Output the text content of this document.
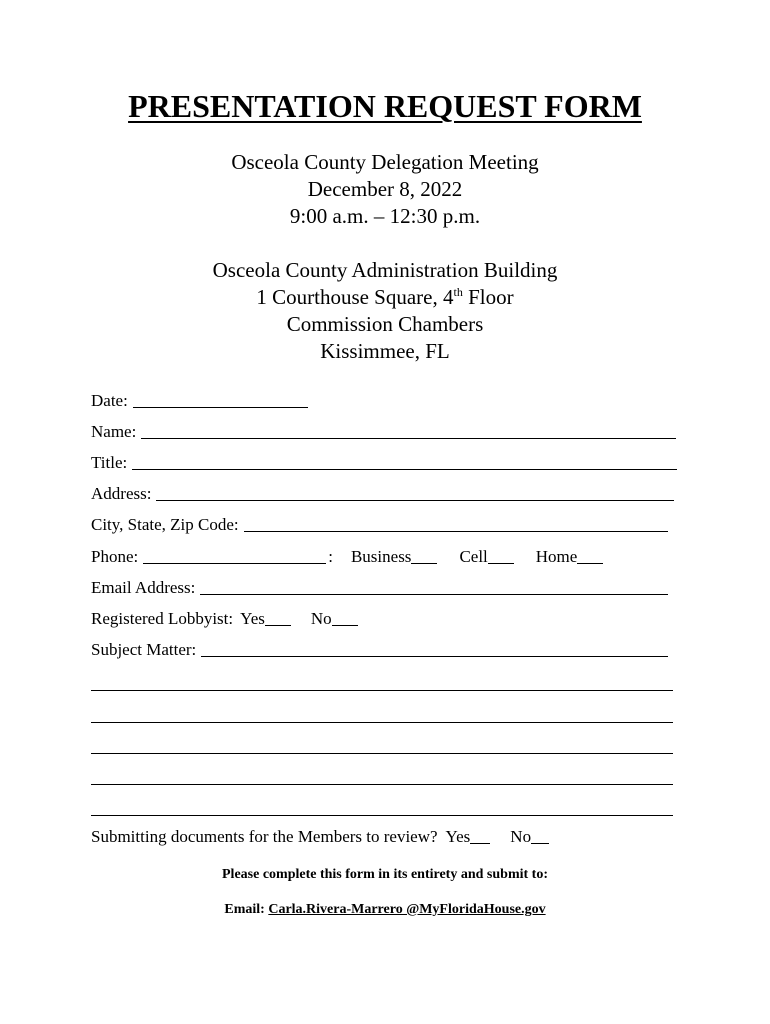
PRESENTATION REQUEST FORM
Osceola County Delegation Meeting
December 8, 2022
9:00 a.m. – 12:30 p.m.
Osceola County Administration Building
1 Courthouse Square, 4th Floor
Commission Chambers
Kissimmee, FL
Date:
Name:
Title:
Address:
City, State, Zip Code:
Phone:	: Business	Cell	Home
Email Address:
Registered Lobbyist: Yes	No
Subject Matter:
Submitting documents for the Members to review? Yes No
Please complete this form in its entirety and submit to:
Email: Carla.Rivera-Marrero @MyFloridaHouse.gov
